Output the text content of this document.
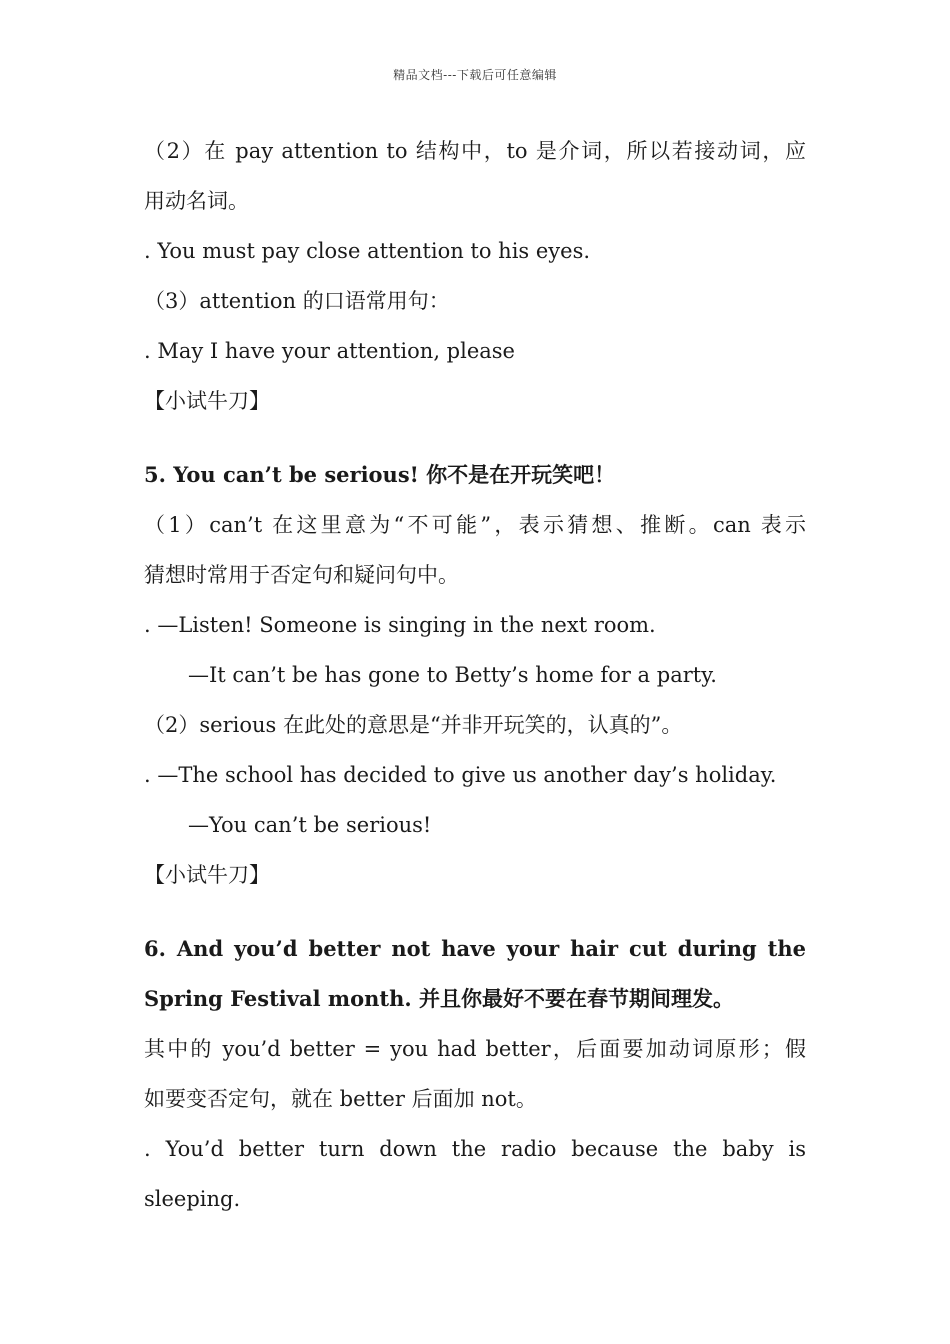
精品文档---下载后可任意编辑
（2）在 pay attention to 结构中，to 是介词，所以若接动词，应
用动名词。
. You must pay close attention to his eyes.
（3）attention 的口语常用句：
. May I have your attention, please
【小试牛刀】
5. You can’t be serious! 你不是在开玩笑吧！
（1）can’t 在这里意为“不可能”，表示猜想、推断。can 表示
猜想时常用于否定句和疑问句中。
. —Listen! Someone is singing in the next room.
—It can’t be has gone to Betty’s home for a party.
（2）serious 在此处的意思是“并非开玩笑的，认真的”。
. —The school has decided to give us another day’s holiday.
—You can’t be serious!
【小试牛刀】
6. And you’d better not have your hair cut during the
Spring Festival month. 并且你最好不要在春节期间理发。
其中的 you’d better = you had better，后面要加动词原形；假
如要变否定句，就在 better 后面加 not。
. You’d better turn down the radio because the baby is
sleeping.
